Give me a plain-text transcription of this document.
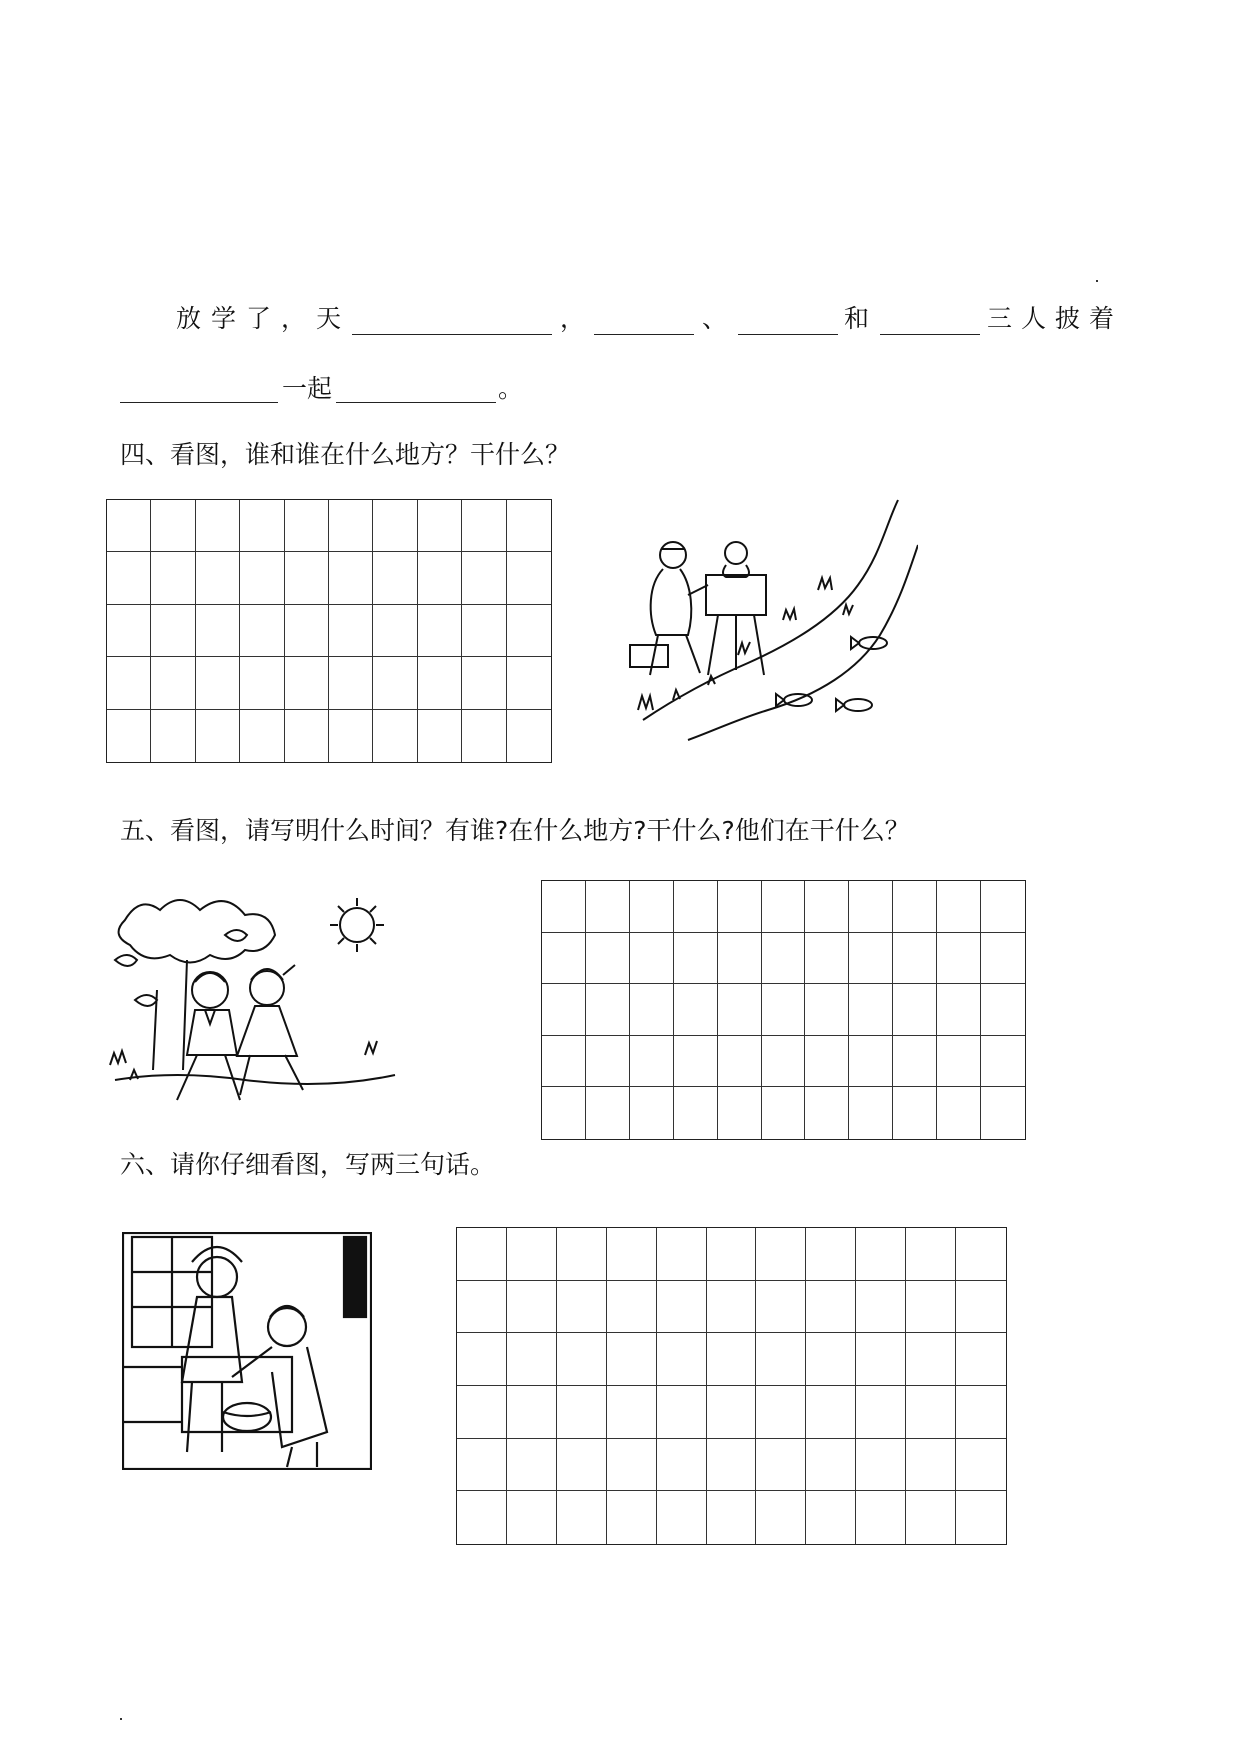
放学了，天	，	、	和	三人披着
一起	。
四、看图，谁和谁在什么地方？干什么？
五、看图，请写明什么时间？有谁?在什么地方?干什么?他们在干什么？
六、请你仔细看图，写两三句话。
